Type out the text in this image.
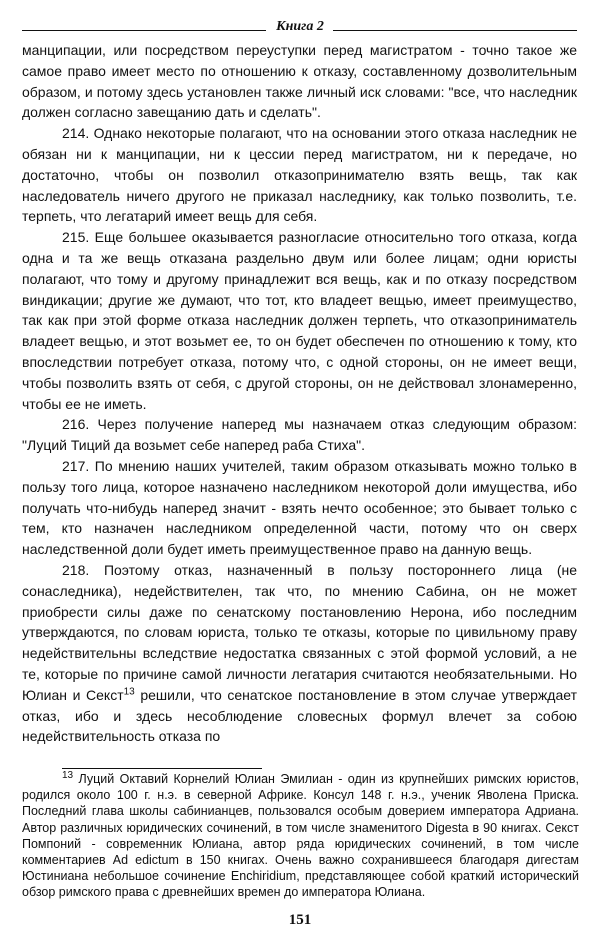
Книга 2

манципации, или посредством переуступки перед магистратом - точно такое же самое право имеет место по отношению к отказу, составленному дозволительным образом, и потому здесь установлен также личный иск словами: "все, что наследник должен согласно завещанию дать и сделать".

214. Однако некоторые полагают, что на основании этого отказа наследник не обязан ни к манципации, ни к цессии перед магистратом, ни к передаче, но достаточно, чтобы он позволил отказопринимателю взять вещь, так как наследователь ничего другого не приказал наследнику, как только позволить, т.е. терпеть, что легатарий имеет вещь для себя.

215. Еще большее оказывается разногласие относительно того отказа, когда одна и та же вещь отказана раздельно двум или более лицам; одни юристы полагают, что тому и другому принадлежит вся вещь, как и по отказу посредством виндикации; другие же думают, что тот, кто владеет вещью, имеет преимущество, так как при этой форме отказа наследник должен терпеть, что отказоприниматель владеет вещью, и этот возьмет ее, то он будет обеспечен по отношению к тому, кто впоследствии потребует отказа, потому что, с одной стороны, он не имеет вещи, чтобы позволить взять от себя, с другой стороны, он не действовал злонамеренно, чтобы ее не иметь.

216. Через получение наперед мы назначаем отказ следующим образом: "Луций Тиций да возьмет себе наперед раба Стиха".

217. По мнению наших учителей, таким образом отказывать можно только в пользу того лица, которое назначено наследником некоторой доли имущества, ибо получать что-нибудь наперед значит - взять нечто особенное; это бывает только с тем, кто назначен наследником определенной части, потому что он сверх наследственной доли будет иметь преимущественное право на данную вещь.

218. Поэтому отказ, назначенный в пользу постороннего лица (не сонаследника), недействителен, так что, по мнению Сабина, он не может приобрести силы даже по сенатскому постановлению Нерона, ибо последним утверждаются, по словам юриста, только те отказы, которые по цивильному праву недействительны вследствие недостатка связанных с этой формой условий, а не те, которые по причине самой личности легатария считаются необязательными. Но Юлиан и Секст$^{13}$ решили, что сенатское постановление в этом случае утверждает отказ, ибо и здесь несоблюдение словесных формул влечет за собою недействительность отказа по

$^{13}$ Луций Октавий Корнелий Юлиан Эмилиан - один из крупнейших римских юристов, родился около 100 г. н.э. в северной Африке. Консул 148 г. н.э., ученик Яволена Приска. Последний глава школы сабинианцев, пользовался особым доверием императора Адриана. Автор различных юридических сочинений, в том числе знаменитого Digesta в 90 книгах. Секст Помпоний - современник Юлиана, автор ряда юридических сочинений, в том числе комментариев Ad edictum в 150 книгах. Очень важно сохранившееся благодаря дигестам Юстиниана небольшое сочинение Enchiridium, представляющее собой краткий исторический обзор римского права с древнейших времен до императора Юлиана.
151
